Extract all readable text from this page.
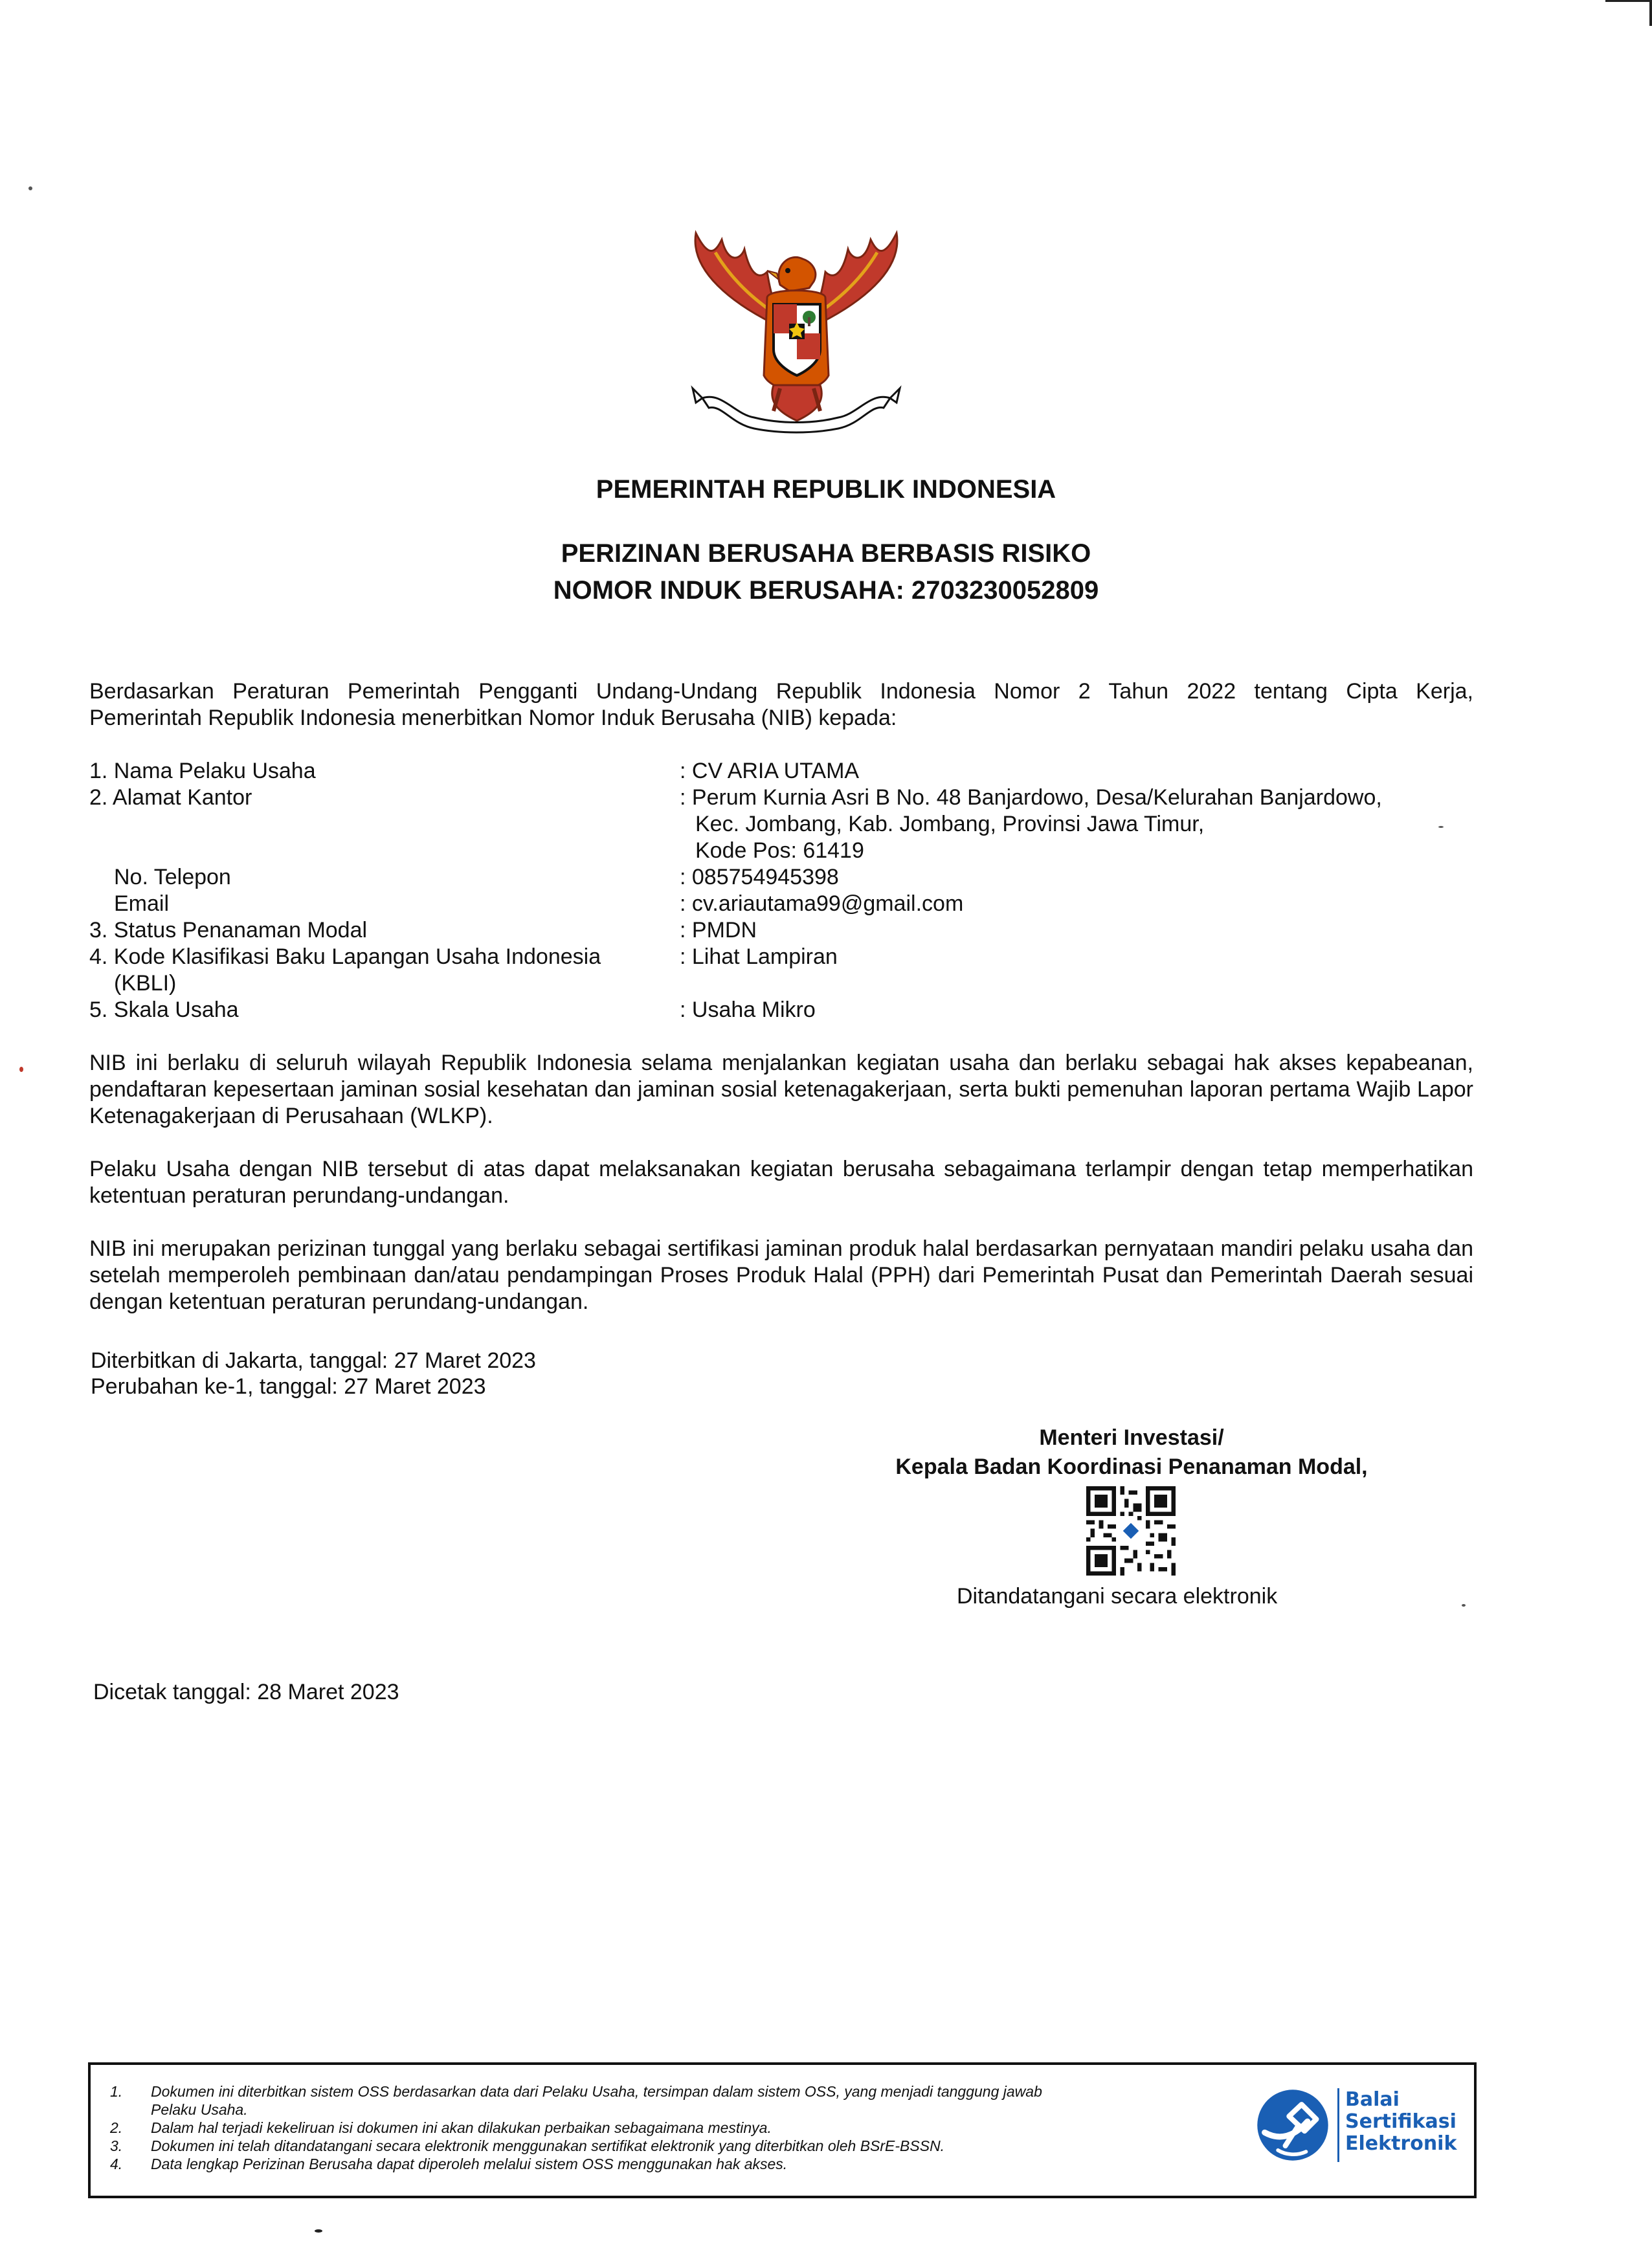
PEMERINTAH REPUBLIK INDONESIA
PERIZINAN BERUSAHA BERBASIS RISIKO
NOMOR INDUK BERUSAHA: 2703230052809
Berdasarkan Peraturan Pemerintah Pengganti Undang-Undang Republik Indonesia Nomor 2 Tahun 2022 tentang Cipta Kerja,
Pemerintah Republik Indonesia menerbitkan Nomor Induk Berusaha (NIB) kepada:
1. Nama Pelaku Usaha	: CV ARIA UTAMA
2. Alamat Kantor	: Perum Kurnia Asri B No. 48 Banjardowo, Desa/Kelurahan Banjardowo,
Kec. Jombang, Kab. Jombang, Provinsi Jawa Timur,
Kode Pos: 61419
No. Telepon	: 085754945398
Email	: cv.ariautama99@gmail.com
3. Status Penanaman Modal	: PMDN
4. Kode Klasifikasi Baku Lapangan Usaha Indonesia	: Lihat Lampiran
(KBLI)
5. Skala Usaha	: Usaha Mikro
NIB ini berlaku di seluruh wilayah Republik Indonesia selama menjalankan kegiatan usaha dan berlaku sebagai hak akses kepabeanan, pendaftaran kepesertaan jaminan sosial kesehatan dan jaminan sosial ketenagakerjaan, serta bukti pemenuhan laporan pertama Wajib Lapor Ketenagakerjaan di Perusahaan (WLKP).
Pelaku Usaha dengan NIB tersebut di atas dapat melaksanakan kegiatan berusaha sebagaimana terlampir dengan tetap memperhatikan ketentuan peraturan perundang-undangan.
NIB ini merupakan perizinan tunggal yang berlaku sebagai sertifikasi jaminan produk halal berdasarkan pernyataan mandiri pelaku usaha dan setelah memperoleh pembinaan dan/atau pendampingan Proses Produk Halal (PPH) dari Pemerintah Pusat dan Pemerintah Daerah sesuai dengan ketentuan peraturan perundang-undangan.
Diterbitkan di Jakarta, tanggal: 27 Maret 2023
Perubahan ke-1, tanggal: 27 Maret 2023
Menteri Investasi/
Kepala Badan Koordinasi Penanaman Modal,
Ditandatangani secara elektronik
Dicetak tanggal: 28 Maret 2023
1. Dokumen ini diterbitkan sistem OSS berdasarkan data dari Pelaku Usaha, tersimpan dalam sistem OSS, yang menjadi tanggung jawab
Pelaku Usaha.
2. Dalam hal terjadi kekeliruan isi dokumen ini akan dilakukan perbaikan sebagaimana mestinya.
3. Dokumen ini telah ditandatangani secara elektronik menggunakan sertifikat elektronik yang diterbitkan oleh BSrE-BSSN.
4. Data lengkap Perizinan Berusaha dapat diperoleh melalui sistem OSS menggunakan hak akses.
Balai
Sertifikasi
Elektronik
